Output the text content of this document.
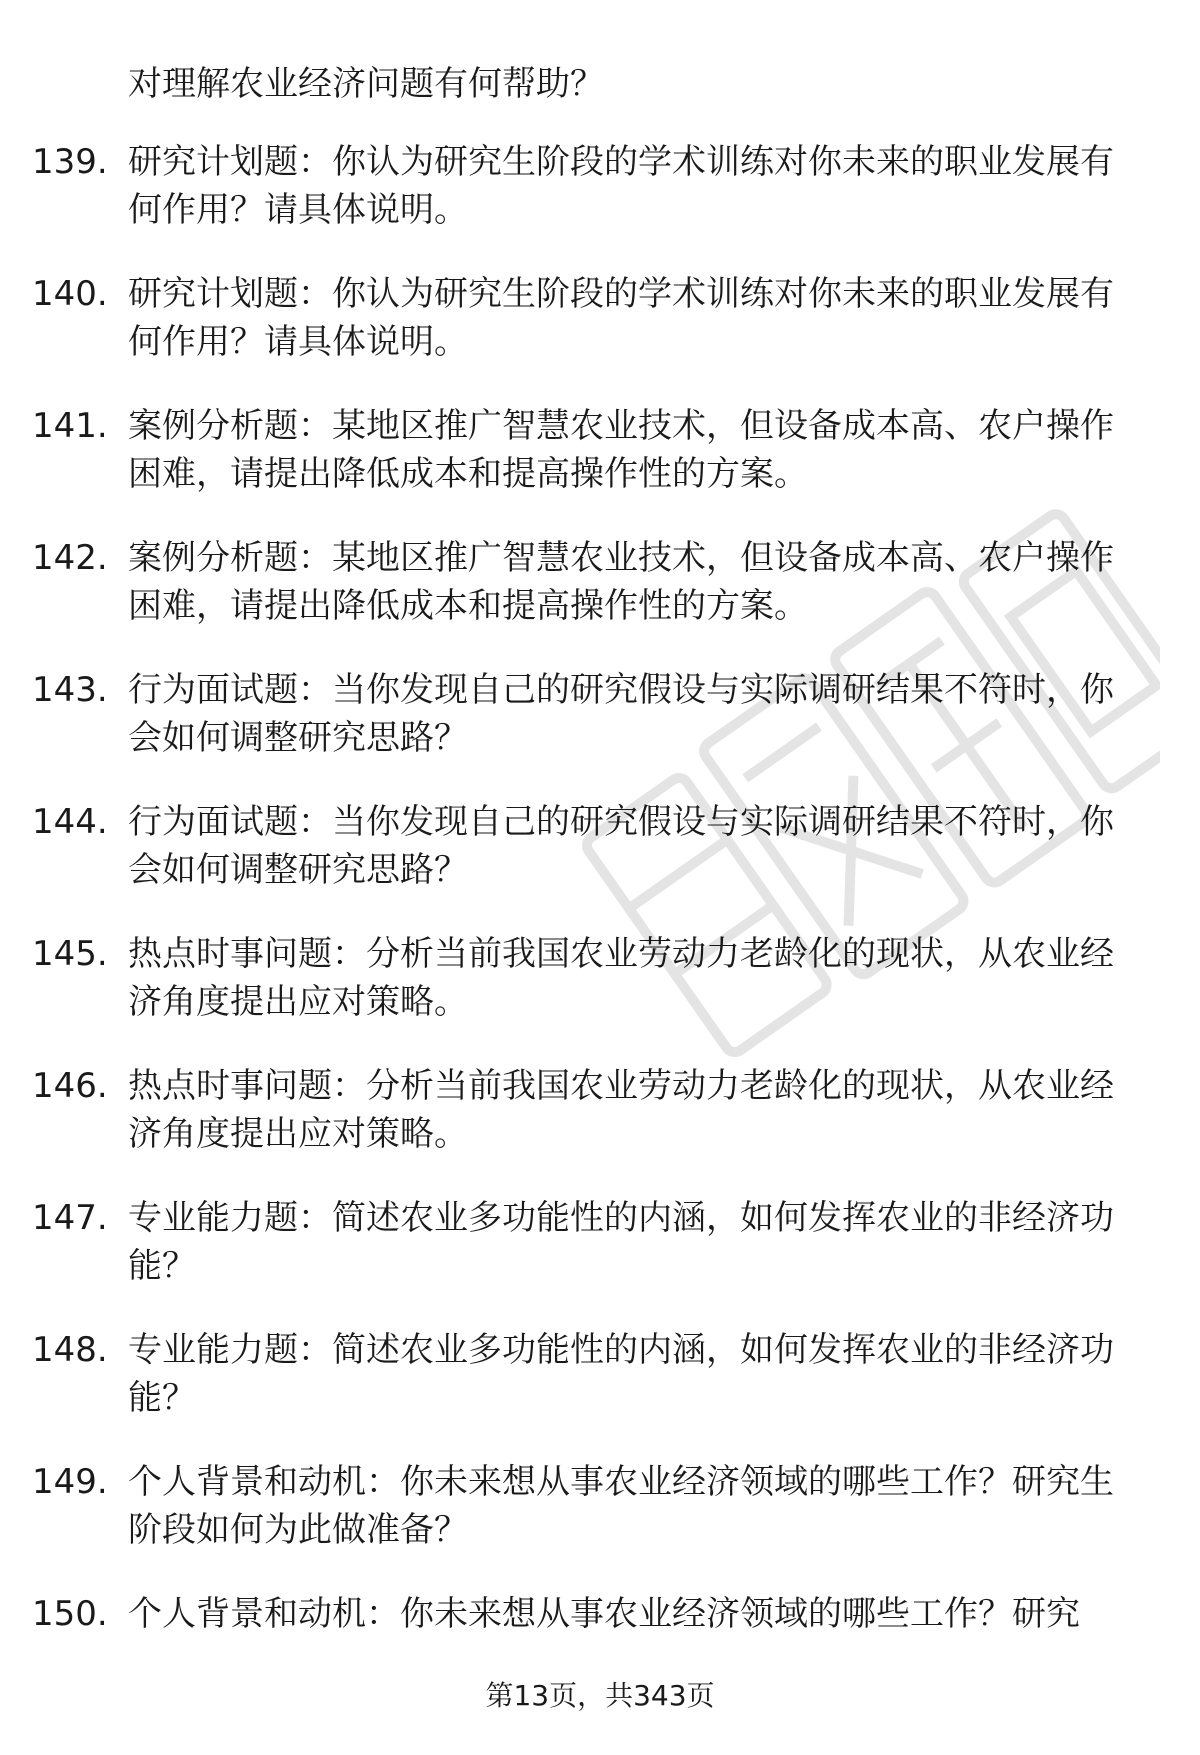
对理解农业经济问题有何帮助？
139. 研究计划题：你认为研究生阶段的学术训练对你未来的职业发展有何作用？请具体说明。
140. 研究计划题：你认为研究生阶段的学术训练对你未来的职业发展有何作用？请具体说明。
141. 案例分析题：某地区推广智慧农业技术，但设备成本高、农户操作困难，请提出降低成本和提高操作性的方案。
142. 案例分析题：某地区推广智慧农业技术，但设备成本高、农户操作困难，请提出降低成本和提高操作性的方案。
143. 行为面试题：当你发现自己的研究假设与实际调研结果不符时，你会如何调整研究思路？
144. 行为面试题：当你发现自己的研究假设与实际调研结果不符时，你会如何调整研究思路？
145. 热点时事问题：分析当前我国农业劳动力老龄化的现状，从农业经济角度提出应对策略。
146. 热点时事问题：分析当前我国农业劳动力老龄化的现状，从农业经济角度提出应对策略。
147. 专业能力题：简述农业多功能性的内涵，如何发挥农业的非经济功能？
148. 专业能力题：简述农业多功能性的内涵，如何发挥农业的非经济功能？
149. 个人背景和动机：你未来想从事农业经济领域的哪些工作？研究生阶段如何为此做准备？
150. 个人背景和动机：你未来想从事农业经济领域的哪些工作？研究
第13页，共343页
